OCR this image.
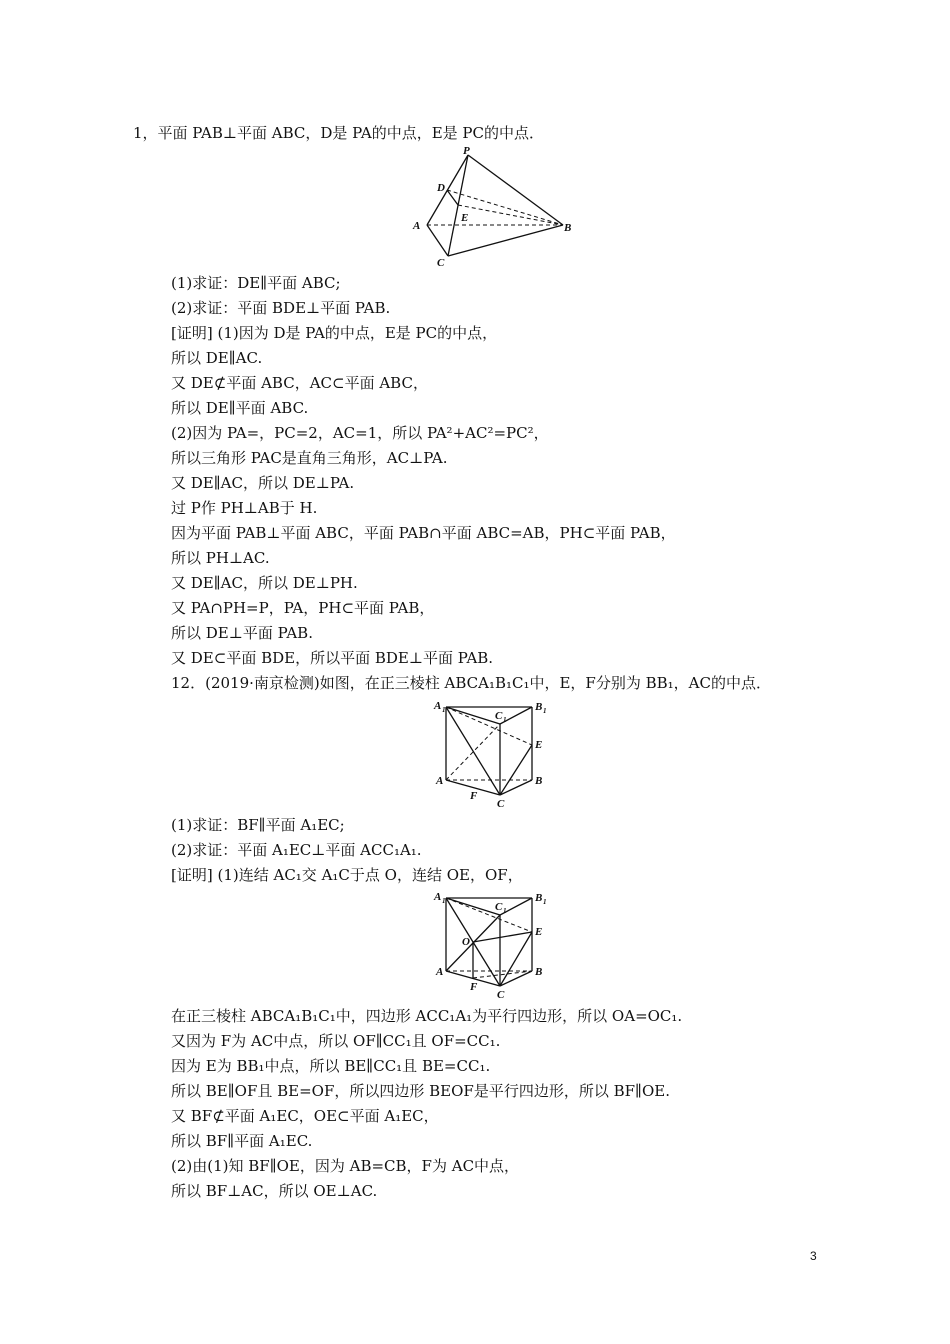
1，平面 PAB⊥平面 ABC，D是 PA的中点，E是 PC的中点．
P
D
E
A	B
C
(1)求证：DE∥平面 ABC;
(2)求证：平面 BDE⊥平面 PAB.
[证明] (1)因为 D是 PA的中点，E是 PC的中点，
所以 DE∥AC.
又 DE⊄平面 ABC，AC⊂平面 ABC，
所以 DE∥平面 ABC.
(2)因为 PA=，PC=2，AC=1，所以 PA²+AC²=PC²，
所以三角形 PAC是直角三角形，AC⊥PA.
又 DE∥AC，所以 DE⊥PA.
过 P作 PH⊥AB于 H.
因为平面 PAB⊥平面 ABC，平面 PAB∩平面 ABC=AB，PH⊂平面 PAB，
所以 PH⊥AC.
又 DE∥AC，所以 DE⊥PH.
又 PA∩PH=P，PA，PH⊂平面 PAB，
所以 DE⊥平面 PAB.
又 DE⊂平面 BDE，所以平面 BDE⊥平面 PAB.
12．(2019·南京检测)如图，在正三棱柱 ABCA₁B₁C₁中，E，F分别为 BB₁，AC的中点．
A 1	C 1
B 1
E
A	B
F
C
(1)求证：BF∥平面 A₁EC;
(2)求证：平面 A₁EC⊥平面 ACC₁A₁.
[证明] (1)连结 AC₁交 A₁C于点 O，连结 OE，OF，
A 1	C 1
B 1
O
E
A	B
F
C
在正三棱柱 ABCA₁B₁C₁中，四边形 ACC₁A₁为平行四边形，所以 OA=OC₁.
又因为 F为 AC中点，所以 OF∥CC₁且 OF=CC₁.
因为 E为 BB₁中点，所以 BE∥CC₁且 BE=CC₁.
所以 BE∥OF且 BE=OF，所以四边形 BEOF是平行四边形，所以 BF∥OE.
又 BF⊄平面 A₁EC，OE⊂平面 A₁EC，
所以 BF∥平面 A₁EC.
(2)由(1)知 BF∥OE，因为 AB=CB，F为 AC中点，
所以 BF⊥AC，所以 OE⊥AC.
3
